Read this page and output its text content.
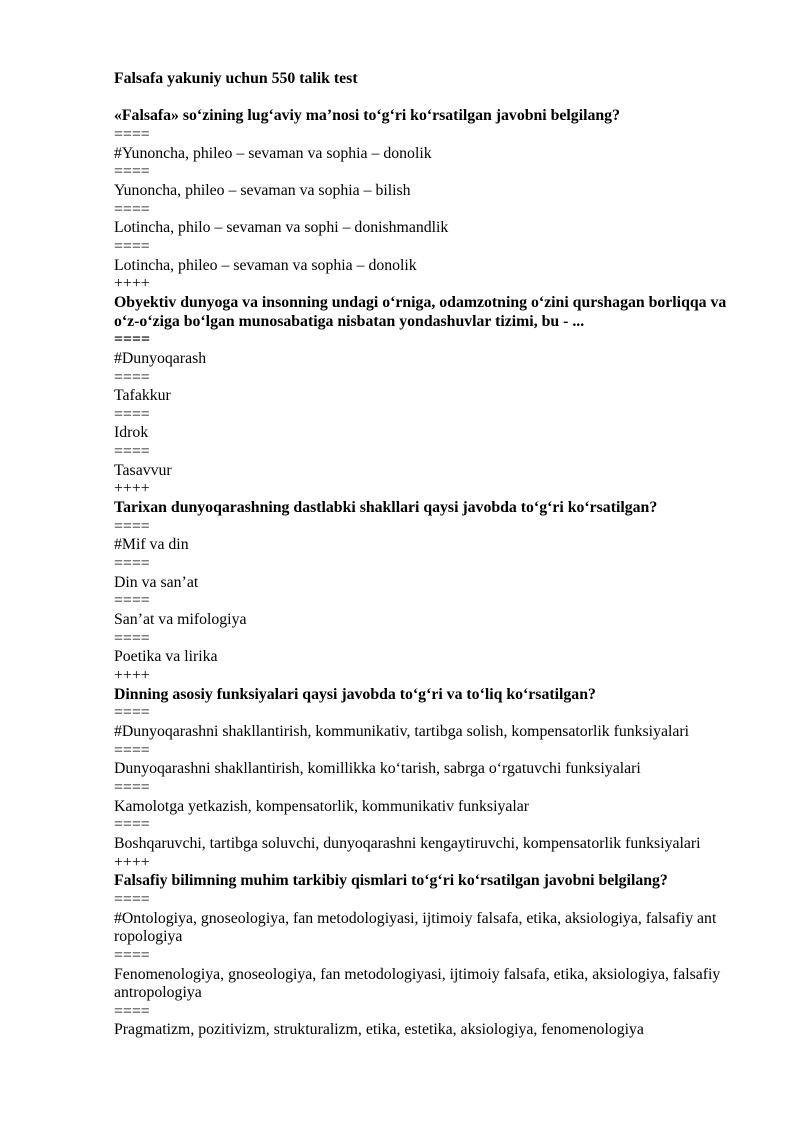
Falsafa yakuniy uchun 550 talik test

«Falsafa» so‘zining lug‘aviy ma’nosi to‘g‘ri ko‘rsatilgan javobni belgilang?

====

#Yunoncha, phileo – sevaman va sophia – donolik

====

Yunoncha, phileo – sevaman va sophia – bilish

====

Lotincha, philo – sevaman va sophi – donishmandlik

====

Lotincha, phileo – sevaman va sophia – donolik

++++

Obyektiv dunyoga va insonning undagi o‘rniga, odamzotning o‘zini qurshagan borliqqa va o‘z-o‘ziga bo‘lgan munosabatiga nisbatan yondashuvlar tizimi, bu - ...

====

#Dunyoqarash

====

Tafakkur

====

Idrok

====

Tasavvur

++++

Tarixan dunyoqarashning dastlabki shakllari qaysi javobda to‘g‘ri ko‘rsatilgan?

====

#Mif va din

====

Din va san’at

====

San’at va mifologiya

====

Poetika va lirika

++++

Dinning asosiy funksiyalari qaysi javobda to‘g‘ri va to‘liq ko‘rsatilgan?

====

#Dunyoqarashni shakllantirish, kommunikativ, tartibga solish, kompensatorlik funksiyalari

====

Dunyoqarashni shakllantirish, komillikka ko‘tarish, sabrga o‘rgatuvchi funksiyalari

====

Kamolotga yetkazish, kompensatorlik, kommunikativ funksiyalar

====

Boshqaruvchi, tartibga soluvchi, dunyoqarashni kengaytiruvchi, kompensatorlik funksiyalari

++++

Falsafiy bilimning muhim tarkibiy qismlari to‘g‘ri ko‘rsatilgan javobni belgilang?

====

#Ontologiya, gnoseologiya, fan metodologiyasi, ijtimoiy falsafa, etika, aksiologiya, falsafiy ant ropologiya

====

Fenomenologiya, gnoseologiya, fan metodologiyasi, ijtimoiy falsafa, etika, aksiologiya, falsafiy antropologiya

====

Pragmatizm, pozitivizm, strukturalizm, etika, estetika, aksiologiya, fenomenologiya
